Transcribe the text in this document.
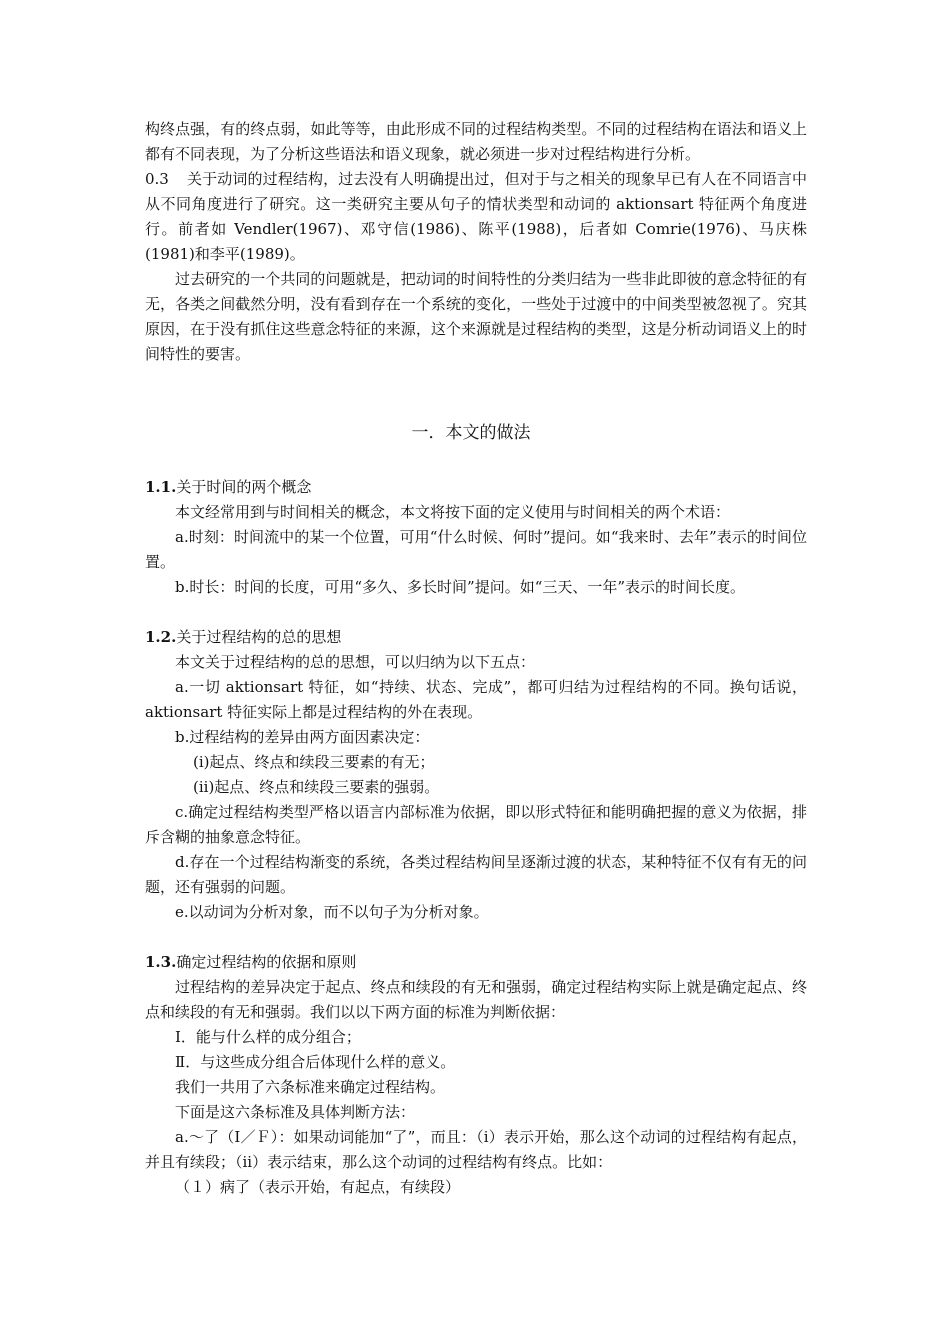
构终点强，有的终点弱，如此等等，由此形成不同的过程结构类型。不同的过程结构在语法和语义上都有不同表现，为了分析这些语法和语义现象，就必须进一步对过程结构进行分析。

0.3 关于动词的过程结构，过去没有人明确提出过，但对于与之相关的现象早已有人在不同语言中从不同角度进行了研究。这一类研究主要从句子的情状类型和动词的 aktionsart 特征两个角度进行。前者如 Vendler(1967)、邓守信(1986)、陈平(1988)，后者如 Comrie(1976)、马庆株(1981)和李平(1989)。

过去研究的一个共同的问题就是，把动词的时间特性的分类归结为一些非此即彼的意念特征的有无，各类之间截然分明，没有看到存在一个系统的变化，一些处于过渡中的中间类型被忽视了。究其原因，在于没有抓住这些意念特征的来源，这个来源就是过程结构的类型，这是分析动词语义上的时间特性的要害。

一．本文的做法

1.1.关于时间的两个概念

本文经常用到与时间相关的概念，本文将按下面的定义使用与时间相关的两个术语：

a.时刻：时间流中的某一个位置，可用“什么时候、何时”提问。如“我来时、去年”表示的时间位置。

b.时长：时间的长度，可用“多久、多长时间”提问。如“三天、一年”表示的时间长度。

1.2.关于过程结构的总的思想

本文关于过程结构的总的思想，可以归纳为以下五点：

a.一切 aktionsart 特征，如“持续、状态、完成”，都可归结为过程结构的不同。换句话说，aktionsart 特征实际上都是过程结构的外在表现。

b.过程结构的差异由两方面因素决定：

(i)起点、终点和续段三要素的有无；

(ii)起点、终点和续段三要素的强弱。

c.确定过程结构类型严格以语言内部标准为依据，即以形式特征和能明确把握的意义为依据，排斥含糊的抽象意念特征。

d.存在一个过程结构渐变的系统，各类过程结构间呈逐渐过渡的状态，某种特征不仅有有无的问题，还有强弱的问题。

e.以动词为分析对象，而不以句子为分析对象。

1.3.确定过程结构的依据和原则

过程结构的差异决定于起点、终点和续段的有无和强弱，确定过程结构实际上就是确定起点、终点和续段的有无和强弱。我们以以下两方面的标准为判断依据：

Ⅰ．能与什么样的成分组合；

Ⅱ．与这些成分组合后体现什么样的意义。

我们一共用了六条标准来确定过程结构。

下面是这六条标准及具体判断方法：

a.～了（Ⅰ／Ｆ）：如果动词能加“了”，而且：（i）表示开始，那么这个动词的过程结构有起点，并且有续段；（ii）表示结束，那么这个动词的过程结构有终点。比如：

（１）病了（表示开始，有起点，有续段）
